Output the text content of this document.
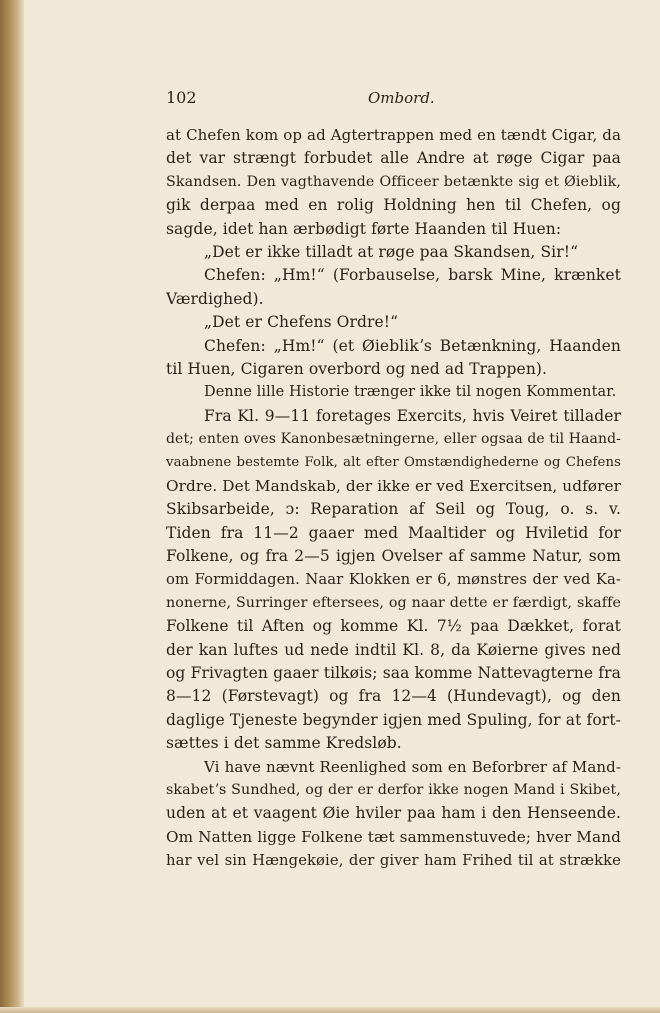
102	Ombord.
at Chefen kom op ad Agtertrappen med en tændt Cigar, da
det var strængt forbudet alle Andre at røge Cigar paa
Skandsen. Den vagthavende Officeer betænkte sig et Øieblik,
gik derpaa med en rolig Holdning hen til Chefen, og
sagde, idet han ærbødigt førte Haanden til Huen:
„Det er ikke tilladt at røge paa Skandsen, Sir!“
Chefen: „Hm!“ (Forbauselse, barsk Mine, krænket
Værdighed).
„Det er Chefens Ordre!“
Chefen: „Hm!“ (et Øieblikʼs Betænkning, Haanden
til Huen, Cigaren overbord og ned ad Trappen).
Denne lille Historie trænger ikke til nogen Kommentar.
Fra Kl. 9—11 foretages Exercits, hvis Veiret tillader
det; enten oves Kanonbesætningerne, eller ogsaa de til Haand-
vaabnene bestemte Folk, alt efter Omstændighederne og Chefens
Ordre. Det Mandskab, der ikke er ved Exercitsen, udfører
Skibsarbeide, ɔ: Reparation af Seil og Toug, o. s. v.
Tiden fra 11—2 gaaer med Maaltider og Hviletid for
Folkene, og fra 2—5 igjen Ovelser af samme Natur, som
om Formiddagen. Naar Klokken er 6, mønstres der ved Ka-
nonerne, Surringer eftersees, og naar dette er færdigt, skaffe
Folkene til Aften og komme Kl. 7½ paa Dækket, forat
der kan luftes ud nede indtil Kl. 8, da Køierne gives ned
og Frivagten gaaer tilkøis; saa komme Nattevagterne fra
8—12 (Førstevagt) og fra 12—4 (Hundevagt), og den
daglige Tjeneste begynder igjen med Spuling, for at fort-
sættes i det samme Kredsløb.
Vi have nævnt Reenlighed som en Beforbrer af Mand-
skabetʼs Sundhed, og der er derfor ikke nogen Mand i Skibet,
uden at et vaagent Øie hviler paa ham i den Henseende.
Om Natten ligge Folkene tæt sammenstuvede; hver Mand
har vel sin Hængekøie, der giver ham Frihed til at strække
